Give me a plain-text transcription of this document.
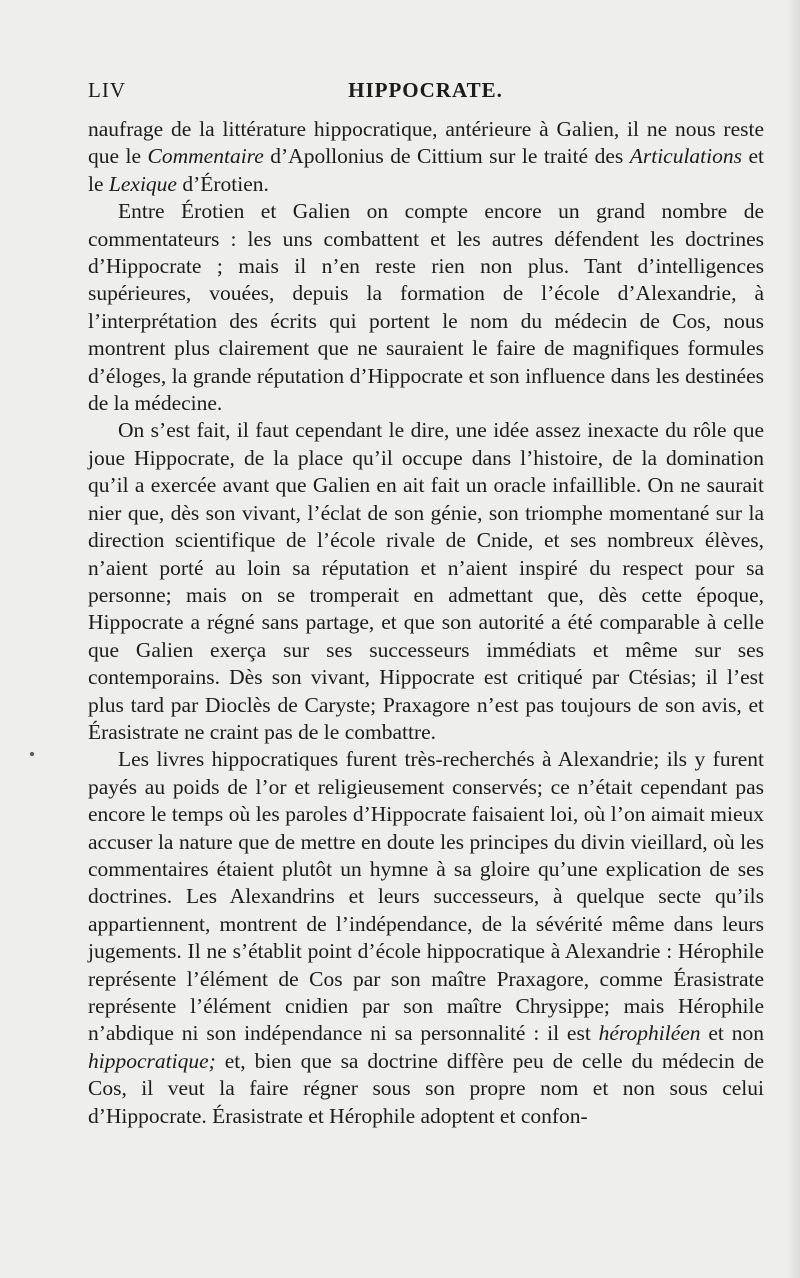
LIV	HIPPOCRATE.

naufrage de la littérature hippocratique, antérieure à Galien, il ne nous reste que le Commentaire d’Apollonius de Cittium sur le traité des Articulations et le Lexique d’Érotien.

Entre Érotien et Galien on compte encore un grand nombre de commentateurs : les uns combattent et les autres défendent les doctrines d’Hippocrate ; mais il n’en reste rien non plus. Tant d’intelligences supérieures, vouées, depuis la formation de l’école d’Alexandrie, à l’interprétation des écrits qui portent le nom du médecin de Cos, nous montrent plus clairement que ne sauraient le faire de magnifiques formules d’éloges, la grande réputation d’Hippocrate et son influence dans les destinées de la médecine.

On s’est fait, il faut cependant le dire, une idée assez inexacte du rôle que joue Hippocrate, de la place qu’il occupe dans l’histoire, de la domination qu’il a exercée avant que Galien en ait fait un oracle infaillible. On ne saurait nier que, dès son vivant, l’éclat de son génie, son triomphe momentané sur la direction scientifique de l’école rivale de Cnide, et ses nombreux élèves, n’aient porté au loin sa réputation et n’aient inspiré du respect pour sa personne; mais on se tromperait en admettant que, dès cette époque, Hippocrate a régné sans partage, et que son autorité a été comparable à celle que Galien exerça sur ses successeurs immédiats et même sur ses contemporains. Dès son vivant, Hippocrate est critiqué par Ctésias; il l’est plus tard par Dioclès de Caryste; Praxagore n’est pas toujours de son avis, et Érasistrate ne craint pas de le combattre.

Les livres hippocratiques furent très-recherchés à Alexandrie; ils y furent payés au poids de l’or et religieusement conservés; ce n’était cependant pas encore le temps où les paroles d’Hippocrate faisaient loi, où l’on aimait mieux accuser la nature que de mettre en doute les principes du divin vieillard, où les commentaires étaient plutôt un hymne à sa gloire qu’une explication de ses doctrines. Les Alexandrins et leurs successeurs, à quelque secte qu’ils appartiennent, montrent de l’indépendance, de la sévérité même dans leurs jugements. Il ne s’établit point d’école hippocratique à Alexandrie : Hérophile représente l’élément de Cos par son maître Praxagore, comme Érasistrate représente l’élément cnidien par son maître Chrysippe; mais Hérophile n’abdique ni son indépendance ni sa personnalité : il est hérophiléen et non hippocratique; et, bien que sa doctrine diffère peu de celle du médecin de Cos, il veut la faire régner sous son propre nom et non sous celui d’Hippocrate. Érasistrate et Hérophile adoptent et confon-
